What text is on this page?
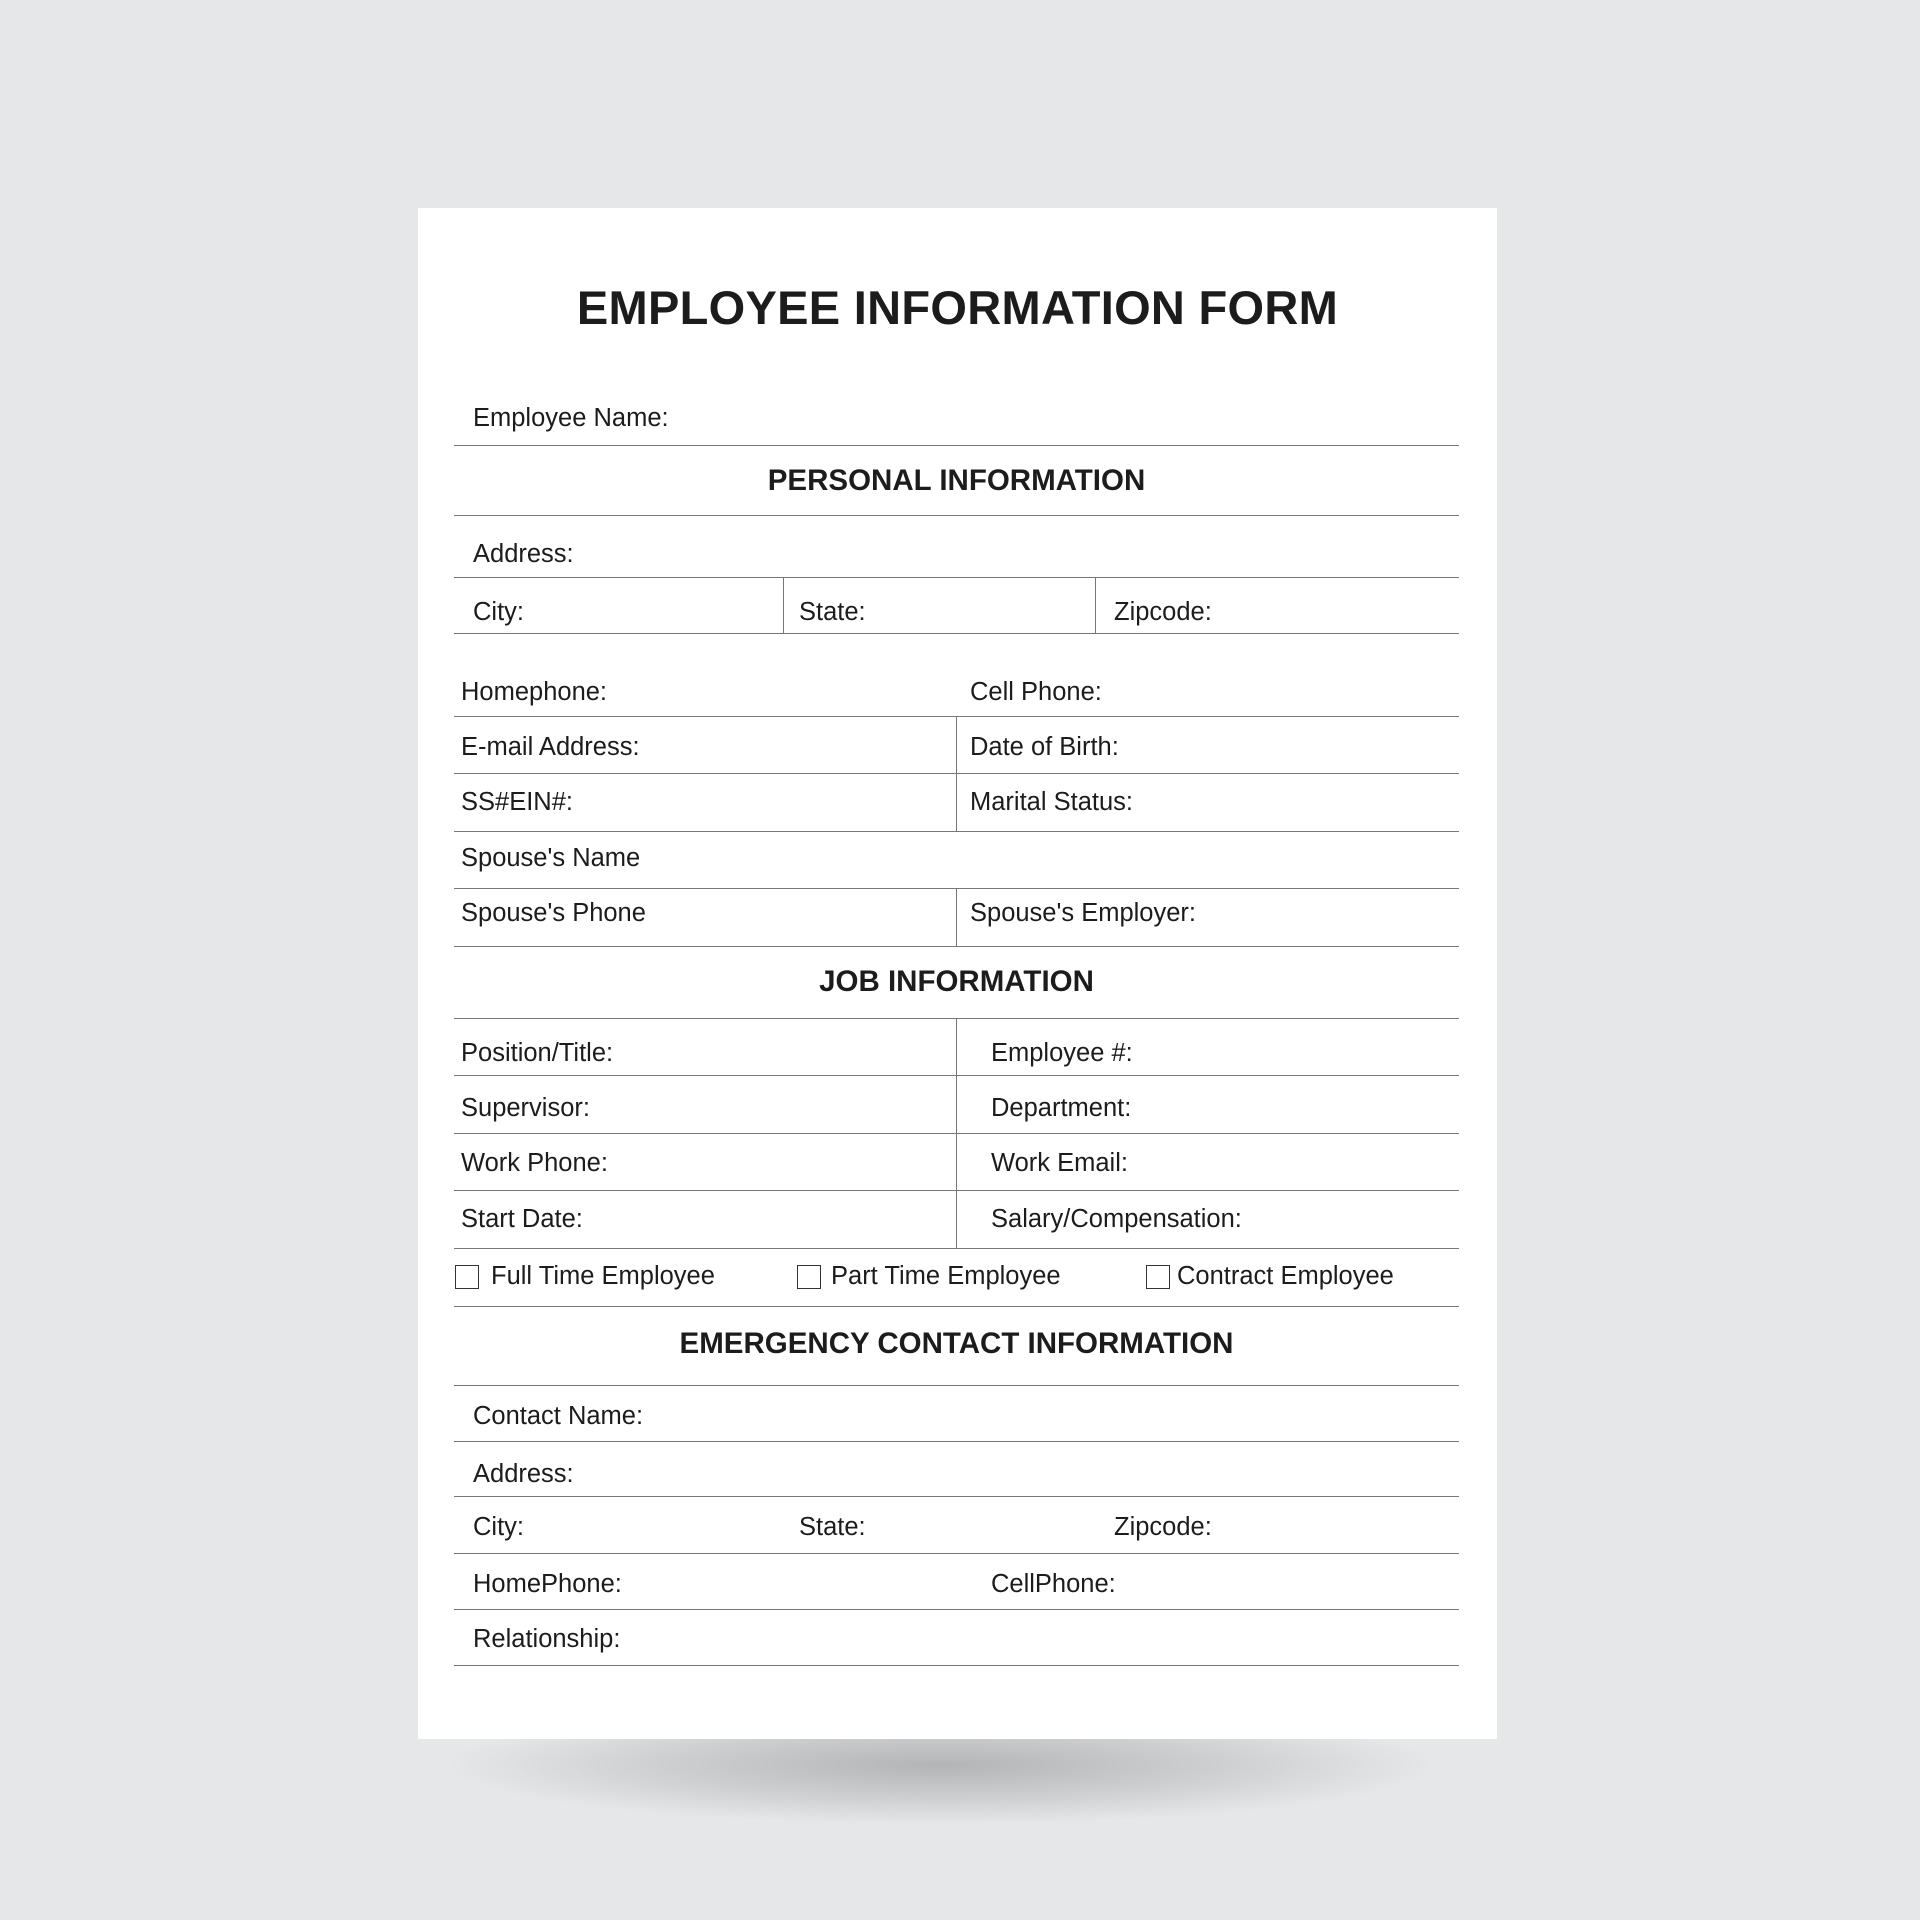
EMPLOYEE INFORMATION FORM
Employee Name:
PERSONAL INFORMATION
Address:
City:	State:	Zipcode:
Homephone:	Cell Phone:
E-mail Address:	Date of Birth:
SS#EIN#:	Marital Status:
Spouse's Name
Spouse's Phone	Spouse's Employer:
JOB INFORMATION
Position/Title:	Employee #:
Supervisor:	Department:
Work Phone:	Work Email:
Start Date:	Salary/Compensation:
Full Time Employee	Part Time Employee	Contract Employee
EMERGENCY CONTACT INFORMATION
Contact Name:
Address:
City:	State:	Zipcode:
HomePhone:	CellPhone:
Relationship:
